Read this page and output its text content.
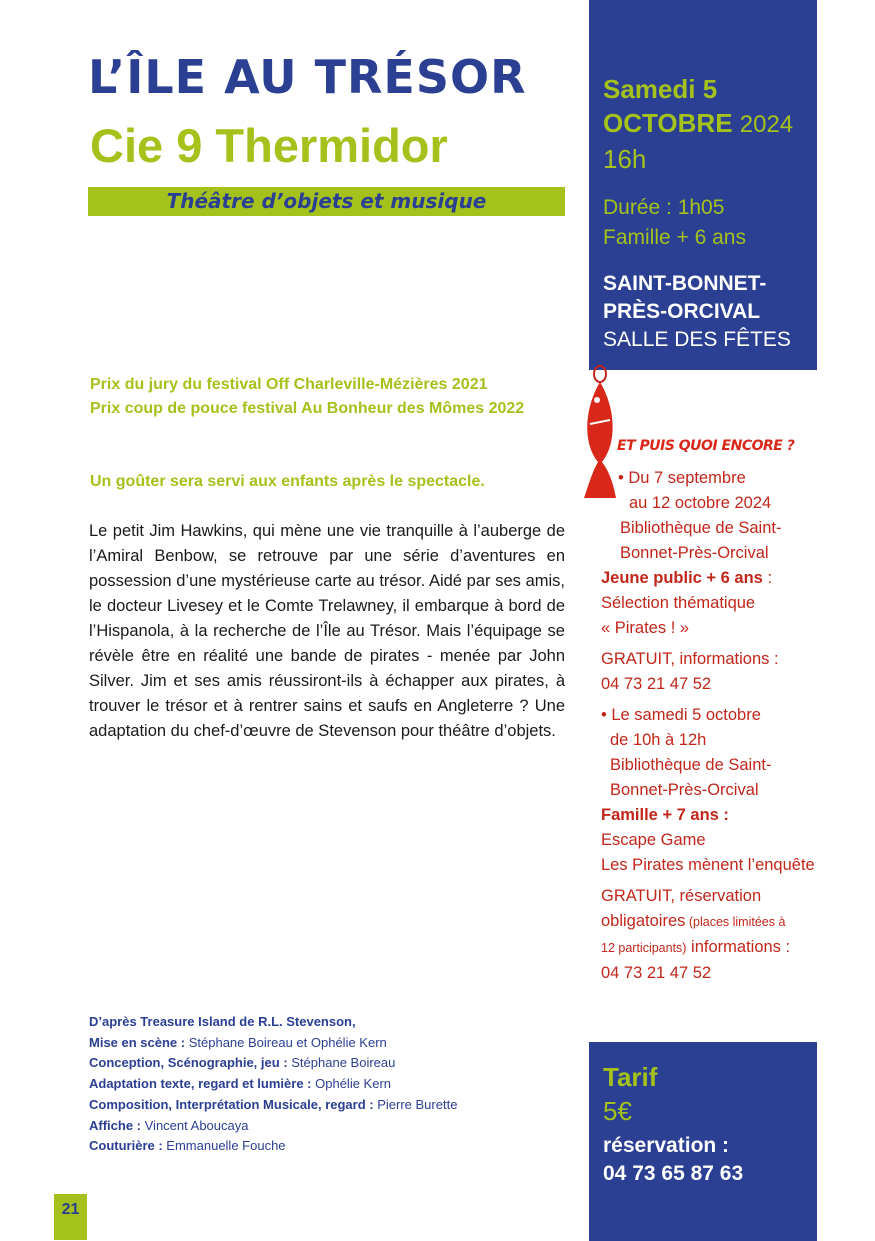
L’ÎLE AU TRÉSOR
Cie 9 Thermidor
Théâtre d’objets et musique
Prix du jury du festival Off Charleville-Mézières 2021
Prix coup de pouce festival Au Bonheur des Mômes 2022
Un goûter sera servi aux enfants après le spectacle.

Le petit Jim Hawkins, qui mène une vie tranquille à l’auberge de l’Amiral Benbow, se retrouve par une série d’aventures en possession d’une mystérieuse carte au trésor. Aidé par ses amis, le docteur Livesey et le Comte Trelawney, il embarque à bord de l’Hispanola, à la recherche de l’Île au Trésor. Mais l’équipage se révèle être en réalité une bande de pirates - menée par John Silver. Jim et ses amis réussiront-ils à échapper aux pirates, à trouver le trésor et à rentrer sains et saufs en Angleterre ? Une adaptation du chef-d’œuvre de Stevenson pour théâtre d’objets.

D’après Treasure Island de R.L. Stevenson,
Mise en scène : Stéphane Boireau et Ophélie Kern
Conception, Scénographie, jeu : Stéphane Boireau
Adaptation texte, regard et lumière : Ophélie Kern
Composition, Interprétation Musicale, regard : Pierre Burette
Affiche : Vincent Aboucaya
Couturière : Emmanuelle Fouche
21
Samedi 5
OCTOBRE 2024
16h
Durée : 1h05
Famille + 6 ans
SAINT-BONNET-
PRÈS-ORCIVAL
SALLE DES FÊTES
ET PUIS QUOI ENCORE ?
• Du 7 septembre
au 12 octobre 2024
Bibliothèque de Saint-
Bonnet-Près-Orcival
Jeune public + 6 ans :
Sélection thématique
« Pirates ! »
GRATUIT, informations :
04 73 21 47 52
• Le samedi 5 octobre
de 10h à 12h
Bibliothèque de Saint-
Bonnet-Près-Orcival
Famille + 7 ans :
Escape Game
Les Pirates mènent l’enquête
GRATUIT, réservation
obligatoires (places limitées à
12 participants) informations :
04 73 21 47 52
Tarif
5€
réservation :
04 73 65 87 63
